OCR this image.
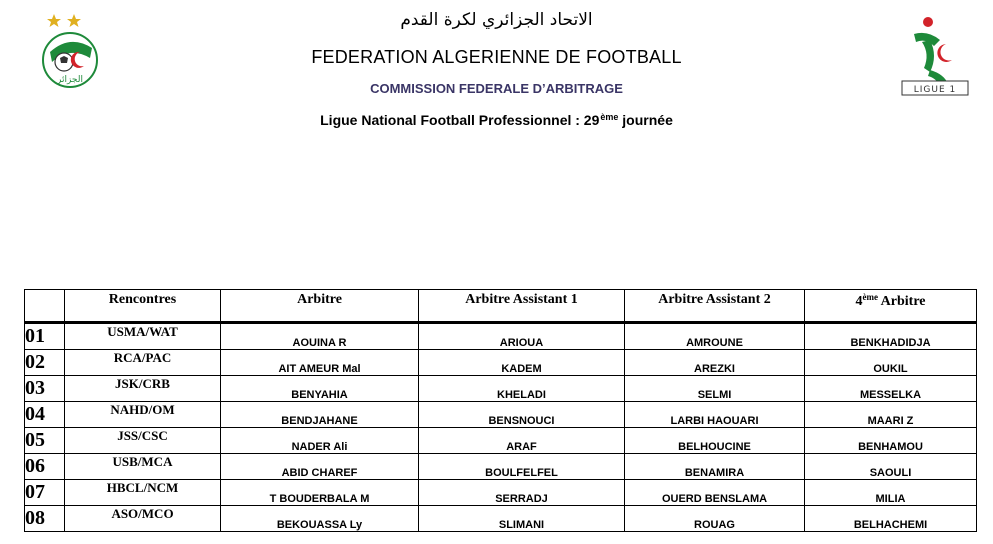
الجزائر
LIGUE 1
الاتحاد الجزائري لكرة القدم
FEDERATION ALGERIENNE DE FOOTBALL
COMMISSION FEDERALE D’ARBITRAGE
Ligue National Football Professionnel : 29ème journée
	Rencontres	Arbitre	Arbitre Assistant 1	Arbitre Assistant 2	4ème Arbitre
01	USMA/WAT	AOUINA R	ARIOUA	AMROUNE	BENKHADIDJA
02	RCA/PAC	AIT AMEUR Mal	KADEM	AREZKI	OUKIL
03	JSK/CRB	BENYAHIA	KHELADI	SELMI	MESSELKA
04	NAHD/OM	BENDJAHANE	BENSNOUCI	LARBI HAOUARI	MAARI Z
05	JSS/CSC	NADER Ali	ARAF	BELHOUCINE	BENHAMOU
06	USB/MCA	ABID CHAREF	BOULFELFEL	BENAMIRA	SAOULI
07	HBCL/NCM	T BOUDERBALA M	SERRADJ	OUERD BENSLAMA	MILIA
08	ASO/MCO	BEKOUASSA Ly	SLIMANI	ROUAG	BELHACHEMI
